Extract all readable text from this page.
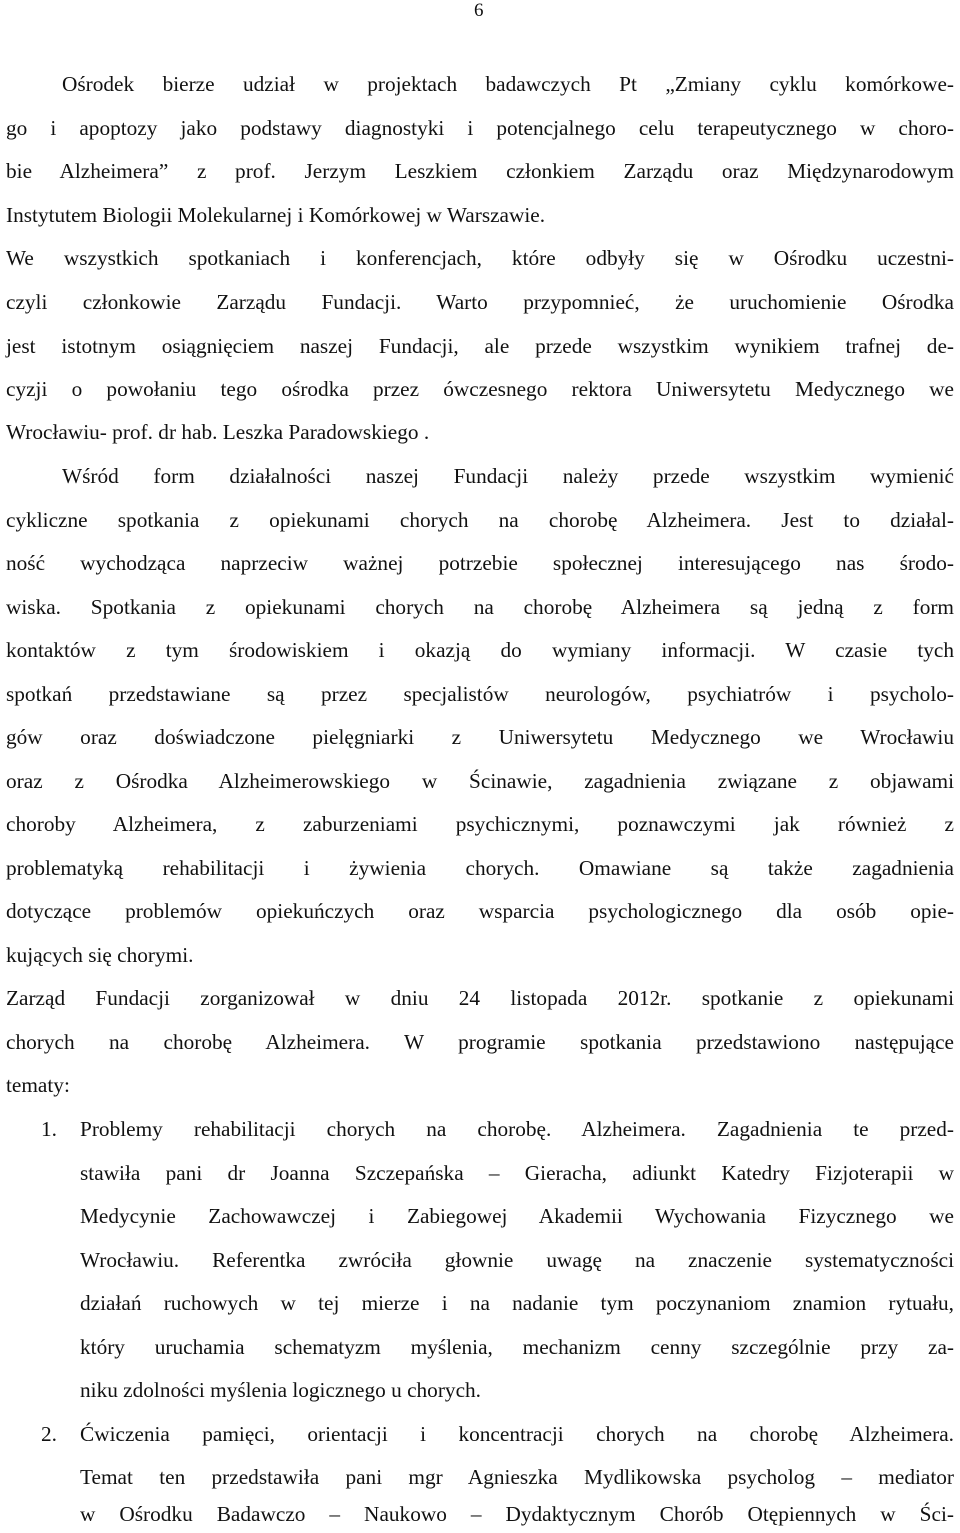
6
Ośrodek bierze udział w projektach badawczych Pt „Zmiany cyklu komórkowe-
go i apoptozy jako podstawy diagnostyki i potencjalnego celu terapeutycznego w choro-
bie Alzheimera” z prof. Jerzym Leszkiem członkiem Zarządu oraz Międzynarodowym
Instytutem Biologii Molekularnej i Komórkowej w Warszawie.
We wszystkich spotkaniach i konferencjach, które odbyły się w Ośrodku uczestni-
czyli członkowie Zarządu Fundacji. Warto przypomnieć, że uruchomienie Ośrodka
jest istotnym osiągnięciem naszej Fundacji, ale przede wszystkim wynikiem trafnej de-
cyzji o powołaniu tego ośrodka przez ówczesnego rektora Uniwersytetu Medycznego we
Wrocławiu- prof. dr hab. Leszka Paradowskiego .
Wśród form działalności naszej Fundacji należy przede wszystkim wymienić
cykliczne spotkania z opiekunami chorych na chorobę Alzheimera. Jest to działal-
ność wychodząca naprzeciw ważnej potrzebie społecznej interesującego nas środo-
wiska. Spotkania z opiekunami chorych na chorobę Alzheimera są jedną z form
kontaktów z tym środowiskiem i okazją do wymiany informacji. W czasie tych
spotkań przedstawiane są przez specjalistów neurologów, psychiatrów i psycholo-
gów oraz doświadczone pielęgniarki z Uniwersytetu Medycznego we Wrocławiu
oraz z Ośrodka Alzheimerowskiego w Ścinawie, zagadnienia związane z objawami
choroby Alzheimera, z zaburzeniami psychicznymi, poznawczymi jak również z
problematyką rehabilitacji i żywienia chorych. Omawiane są także zagadnienia
dotyczące problemów opiekuńczych oraz wsparcia psychologicznego dla osób opie-
kujących się chorymi.
Zarząd Fundacji zorganizował w dniu 24 listopada 2012r. spotkanie z opiekunami
chorych na chorobę Alzheimera. W programie spotkania przedstawiono następujące
tematy:
1. Problemy rehabilitacji chorych na chorobę. Alzheimera. Zagadnienia te przed-
stawiła pani dr Joanna Szczepańska – Gieracha, adiunkt Katedry Fizjoterapii w
Medycynie Zachowawczej i Zabiegowej Akademii Wychowania Fizycznego we
Wrocławiu. Referentka zwróciła głownie uwagę na znaczenie systematyczności
działań ruchowych w tej mierze i na nadanie tym poczynaniom znamion rytuału,
który uruchamia schematyzm myślenia, mechanizm cenny szczególnie przy za-
niku zdolności myślenia logicznego u chorych.
2. Ćwiczenia pamięci, orientacji i koncentracji chorych na chorobę Alzheimera.
Temat ten przedstawiła pani mgr Agnieszka Mydlikowska psycholog – mediator
w Ośrodku Badawczo – Naukowo – Dydaktycznym Chorób Otępiennych w Ści-
